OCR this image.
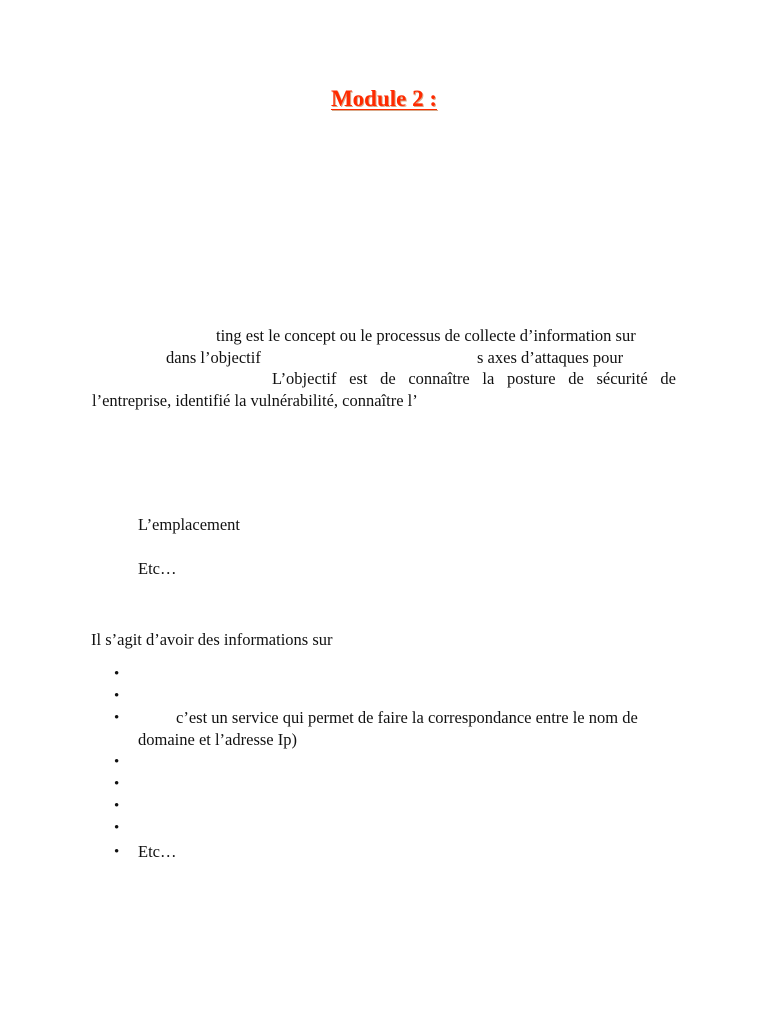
Module 2 :
ting est le concept ou le processus de collecte d’information sur
dans l’objectif	s axes d’attaques pour
L’objectif est de connaître la posture de sécurité de
l’entreprise, identifié la vulnérabilité, connaître l’
L’emplacement
Etc…
Il s’agit d’avoir des informations sur
•
•
•	c’est un service qui permet de faire la correspondance entre le nom de
domaine et l’adresse Ip)
•
•
•
•
• Etc…
